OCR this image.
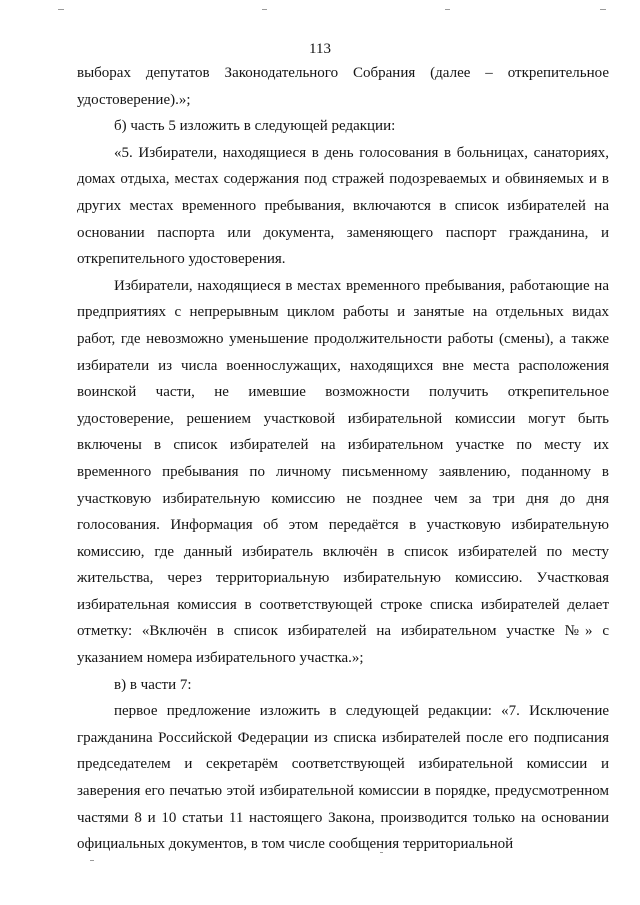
113

выборах депутатов Законодательного Собрания (далее – открепительное удостоверение).»;

б) часть 5 изложить в следующей редакции:

«5. Избиратели, находящиеся в день голосования в больницах, санаториях, домах отдыха, местах содержания под стражей подозреваемых и обвиняемых и в других местах временного пребывания, включаются в список избирателей на основании паспорта или документа, заменяющего паспорт гражданина, и открепительного удостоверения.

Избиратели, находящиеся в местах временного пребывания, работающие на предприятиях с непрерывным циклом работы и занятые на отдельных видах работ, где невозможно уменьшение продолжительности работы (смены), а также избиратели из числа военнослужащих, находящихся вне места расположения воинской части, не имевшие возможности получить открепительное удостоверение, решением участковой избирательной комиссии могут быть включены в список избирателей на избирательном участке по месту их временного пребывания по личному письменному заявлению, поданному в участковую избирательную комиссию не позднее чем за три дня до дня голосования. Информация об этом передаётся в участковую избирательную комиссию, где данный избиратель включён в список избирателей по месту жительства, через территориальную избирательную комиссию. Участковая избирательная комиссия в соответствующей строке списка избирателей делает отметку: «Включён в список избирателей на избирательном участке №» с указанием номера избирательного участка.»;

в) в части 7:

первое предложение изложить в следующей редакции: «7. Исключение гражданина Российской Федерации из списка избирателей после его подписания председателем и секретарём соответствующей избирательной комиссии и заверения его печатью этой избирательной комиссии в порядке, предусмотренном частями 8 и 10 статьи 11 настоящего Закона, производится только на основании официальных документов, в том числе сообщения территориальной
